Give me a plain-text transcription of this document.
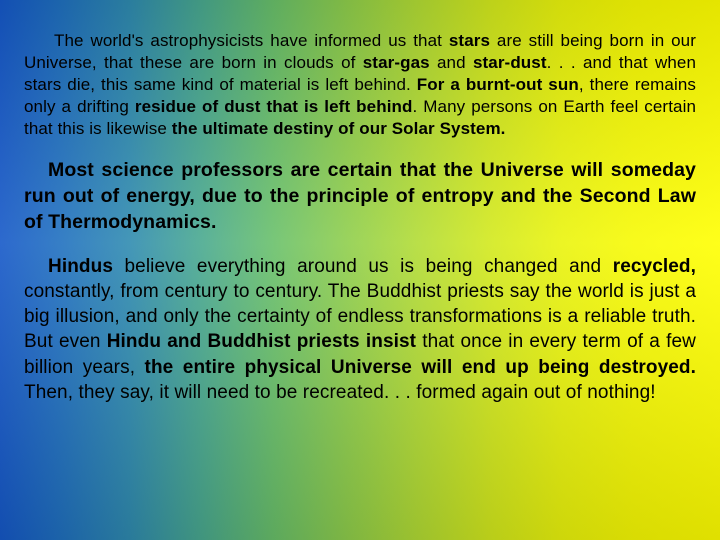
The world's astrophysicists have informed us that stars are still being born in our Universe, that these are born in clouds of star-gas and star-dust. . . and that when stars die, this same kind of material is left behind. For a burnt-out sun, there remains only a drifting residue of dust that is left behind. Many persons on Earth feel certain that this is likewise the ultimate destiny of our Solar System.

Most science professors are certain that the Universe will someday run out of energy, due to the principle of entropy and the Second Law of Thermodynamics.

Hindus believe everything around us is being changed and recycled, constantly, from century to century. The Buddhist priests say the world is just a big illusion, and only the certainty of endless transformations is a reliable truth. But even Hindu and Buddhist priests insist that once in every term of a few billion years, the entire physical Universe will end up being destroyed. Then, they say, it will need to be recreated. . . formed again out of nothing!
